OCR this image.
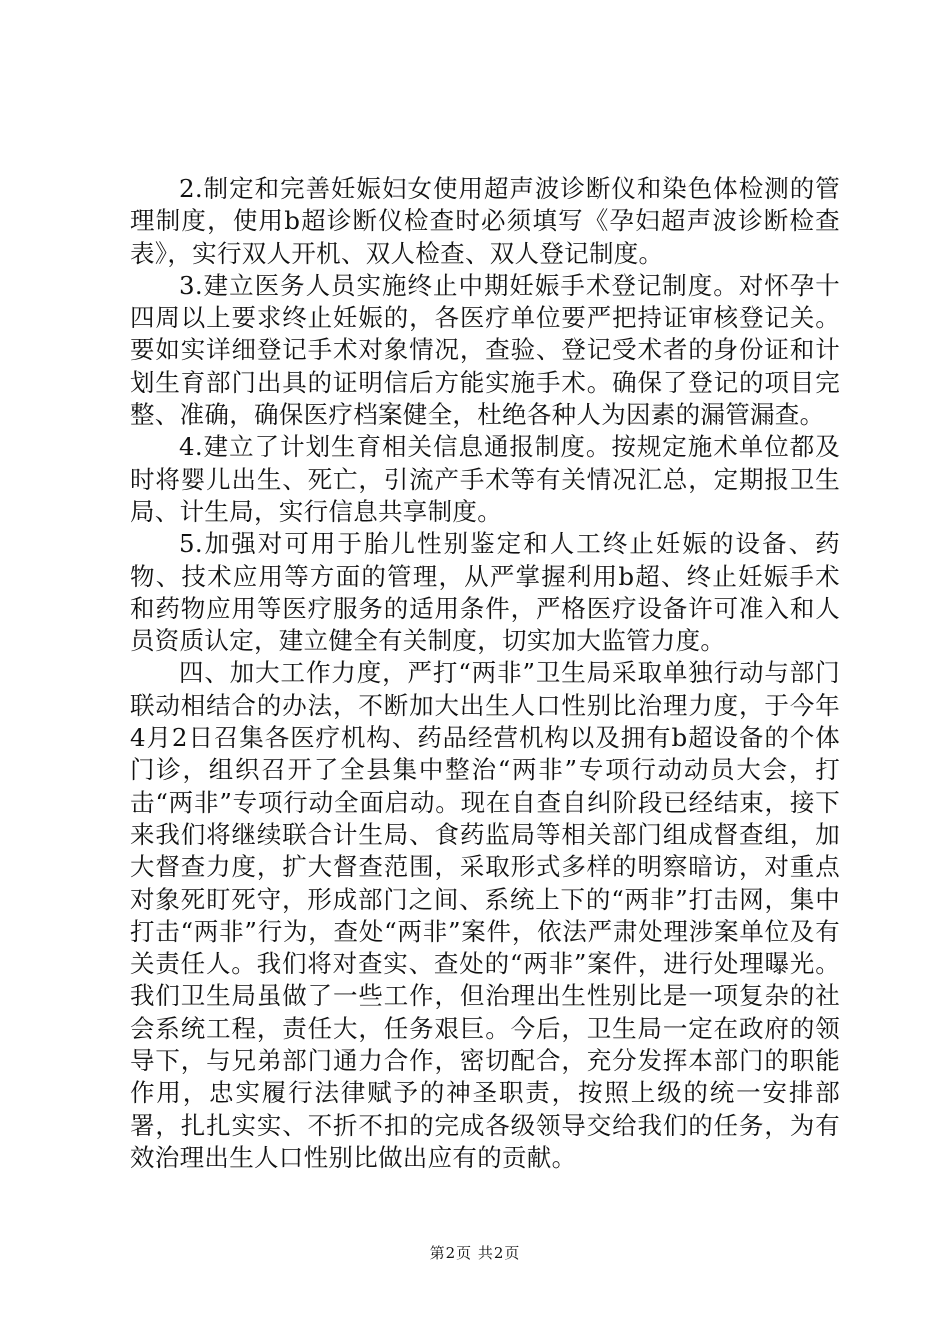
2.制定和完善妊娠妇女使用超声波诊断仪和染色体检测的管理制度，使用b超诊断仪检查时必须填写《孕妇超声波诊断检查表》，实行双人开机、双人检查、双人登记制度。

3.建立医务人员实施终止中期妊娠手术登记制度。对怀孕十四周以上要求终止妊娠的，各医疗单位要严把持证审核登记关。要如实详细登记手术对象情况，查验、登记受术者的身份证和计划生育部门出具的证明信后方能实施手术。确保了登记的项目完整、准确，确保医疗档案健全，杜绝各种人为因素的漏管漏查。

4.建立了计划生育相关信息通报制度。按规定施术单位都及时将婴儿出生、死亡，引流产手术等有关情况汇总，定期报卫生局、计生局，实行信息共享制度。

5.加强对可用于胎儿性别鉴定和人工终止妊娠的设备、药物、技术应用等方面的管理，从严掌握利用b超、终止妊娠手术和药物应用等医疗服务的适用条件，严格医疗设备许可准入和人员资质认定，建立健全有关制度，切实加大监管力度。

四、加大工作力度，严打“两非”卫生局采取单独行动与部门联动相结合的办法，不断加大出生人口性别比治理力度，于今年4月2日召集各医疗机构、药品经营机构以及拥有b超设备的个体门诊，组织召开了全县集中整治“两非”专项行动动员大会，打击“两非”专项行动全面启动。现在自查自纠阶段已经结束，接下来我们将继续联合计生局、食药监局等相关部门组成督查组，加大督查力度，扩大督查范围，采取形式多样的明察暗访，对重点对象死盯死守，形成部门之间、系统上下的“两非”打击网，集中打击“两非”行为，查处“两非”案件，依法严肃处理涉案单位及有关责任人。我们将对查实、查处的“两非”案件，进行处理曝光。我们卫生局虽做了一些工作，但治理出生性别比是一项复杂的社会系统工程，责任大，任务艰巨。今后，卫生局一定在政府的领导下，与兄弟部门通力合作，密切配合，充分发挥本部门的职能作用，忠实履行法律赋予的神圣职责，按照上级的统一安排部署，扎扎实实、不折不扣的完成各级领导交给我们的任务，为有效治理出生人口性别比做出应有的贡献。

第2页 共2页
